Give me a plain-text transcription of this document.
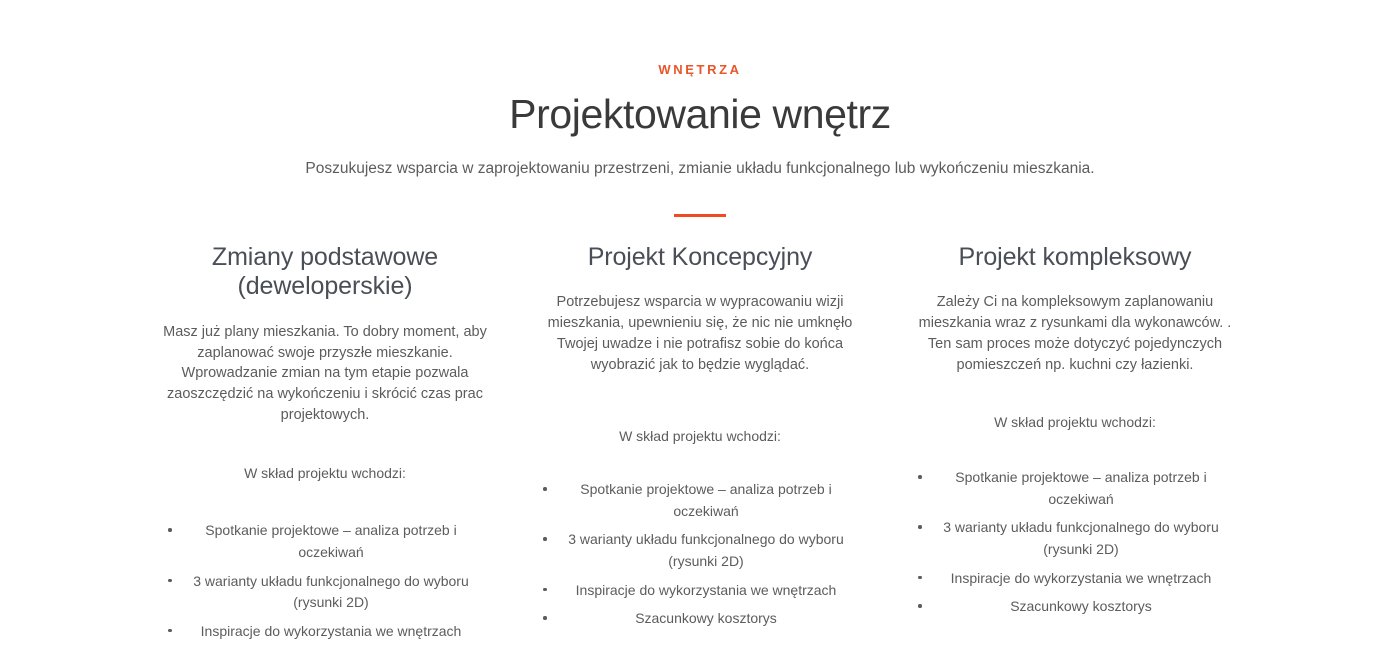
WNĘTRZA
Projektowanie wnętrz

Poszukujesz wsparcia w zaprojektowaniu przestrzeni, zmianie układu funkcjonalnego lub wykończeniu mieszkania.

Zmiany podstawowe (deweloperskie)

Masz już plany mieszkania. To dobry moment, aby zaplanować swoje przyszłe mieszkanie. Wprowadzanie zmian na tym etapie pozwala zaoszczędzić na wykończeniu i skrócić czas prac projektowych.

W skład projektu wchodzi:

Spotkanie projektowe – analiza potrzeb i oczekiwań
3 warianty układu funkcjonalnego do wyboru (rysunki 2D)
Inspiracje do wykorzystania we wnętrzach
Projekt Koncepcyjny

Potrzebujesz wsparcia w wypracowaniu wizji mieszkania, upewnieniu się, że nic nie umknęło Twojej uwadze i nie potrafisz sobie do końca wyobrazić jak to będzie wyglądać.

W skład projektu wchodzi:

Spotkanie projektowe – analiza potrzeb i oczekiwań
3 warianty układu funkcjonalnego do wyboru (rysunki 2D)
Inspiracje do wykorzystania we wnętrzach
Szacunkowy kosztorys
Projekt kompleksowy

Zależy Ci na kompleksowym zaplanowaniu mieszkania wraz z rysunkami dla wykonawców. . Ten sam proces może dotyczyć pojedynczych pomieszczeń np. kuchni czy łazienki.

W skład projektu wchodzi:

Spotkanie projektowe – analiza potrzeb i oczekiwań
3 warianty układu funkcjonalnego do wyboru (rysunki 2D)
Inspiracje do wykorzystania we wnętrzach
Szacunkowy kosztorys
